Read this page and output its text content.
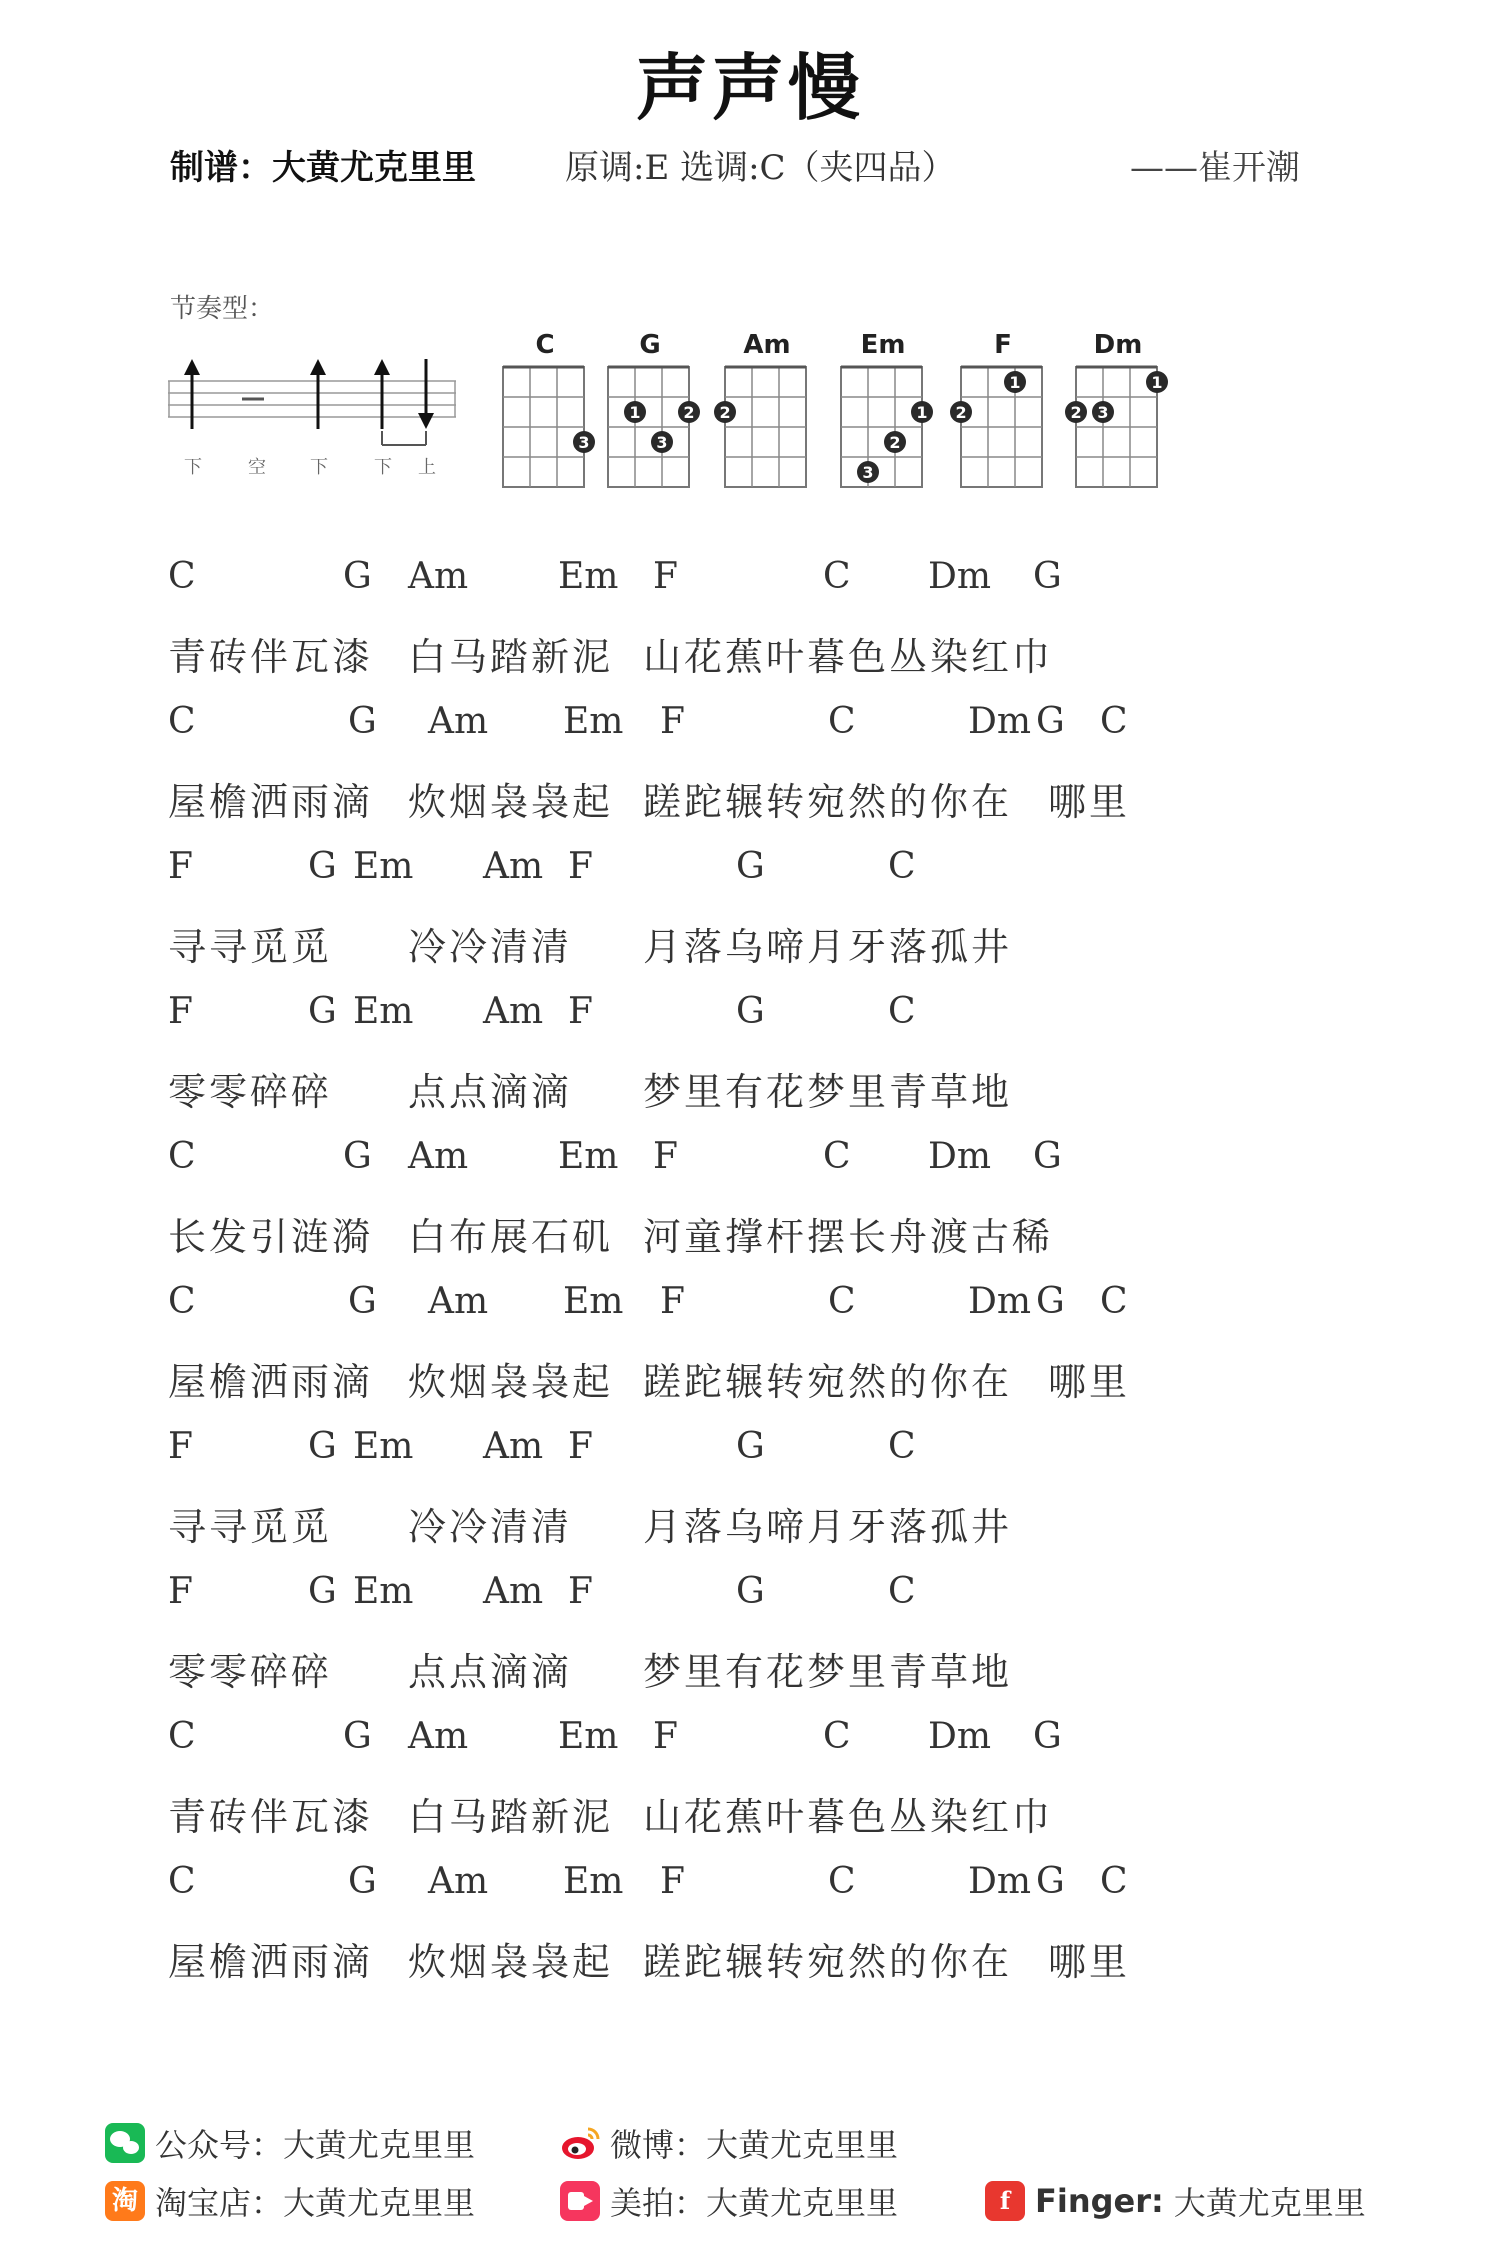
声声慢
制谱：大黄尤克里里	原调:E 选调:C（夹四品）	——崔开潮
节奏型：
下	空 下	下 上
C
3
G
1	2
3
Am
2
Em
1
2
3
F
1
2
Dm
1
3
2
C	G Am Em F	C Dm G
青砖伴瓦漆 白马踏新泥 山花蕉叶暮色丛染红巾
C	G Am Em F	C	Dm G C
屋檐洒雨滴 炊烟袅袅起 蹉跎辗转宛然的你在 哪里
F	G Em Am F	G	C
寻寻觅觅 冷冷清清 月落乌啼月牙落孤井
F	G Em Am F	G	C
零零碎碎 点点滴滴 梦里有花梦里青草地
C	G Am Em F	C Dm G
长发引涟漪 白布展石矶 河童撑杆摆长舟渡古稀
C	G Am Em F	C	Dm G C
屋檐洒雨滴 炊烟袅袅起 蹉跎辗转宛然的你在 哪里
F	G Em Am F	G	C
寻寻觅觅 冷冷清清 月落乌啼月牙落孤井
F	G Em Am F	G	C
零零碎碎 点点滴滴 梦里有花梦里青草地
C	G Am Em F	C Dm G
青砖伴瓦漆 白马踏新泥 山花蕉叶暮色丛染红巾
C	G Am Em F	C	Dm G C
屋檐洒雨滴 炊烟袅袅起 蹉跎辗转宛然的你在 哪里
公众号：大黄尤克里里	微博：大黄尤克里里
淘 淘宝店：大黄尤克里里	美拍：大黄尤克里里	f Finger: 大黄尤克里里
